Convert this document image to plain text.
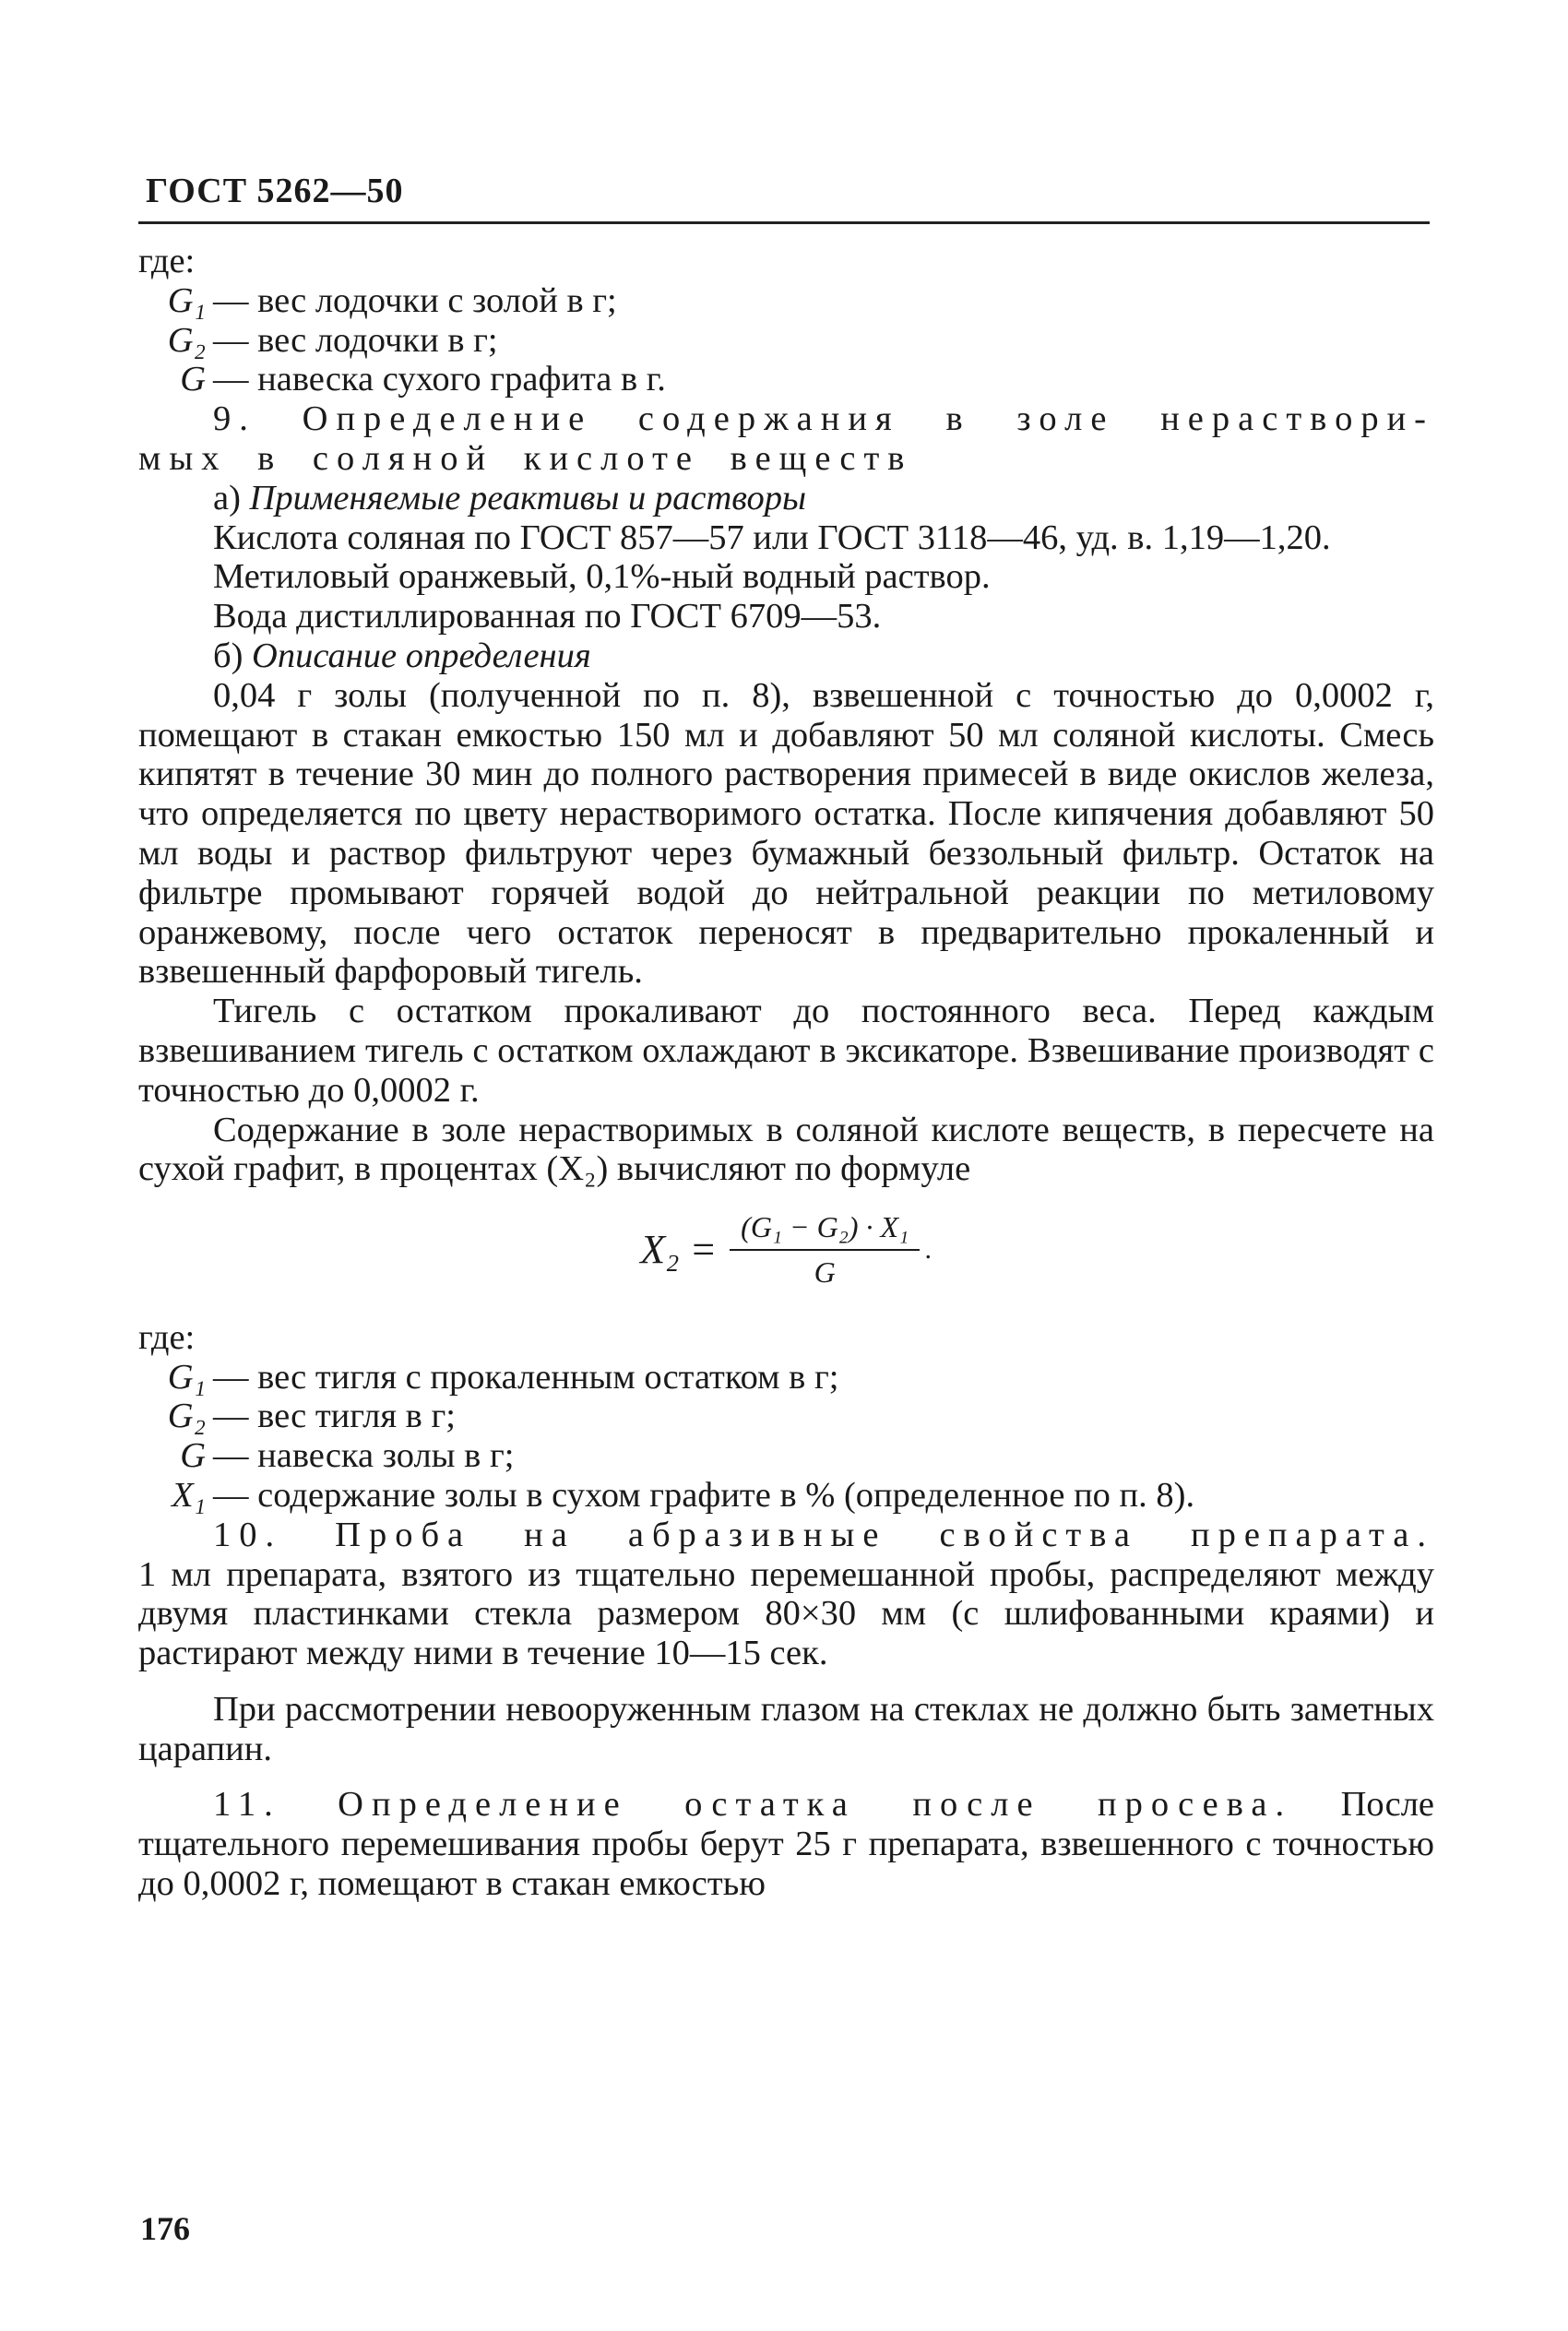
ГОСТ 5262—50

где:

G₁ — вес лодочки с золой в г;
G₂ — вес лодочки в г;
G — навеска сухого графита в г.

9. Определение содержания в золе нераствори-

мых в соляной кислоте веществ

а) Применяемые реактивы и растворы

Кислота соляная по ГОСТ 857—57 или ГОСТ 3118—46, уд. в. 1,19—1,20.

Метиловый оранжевый, 0,1%-ный водный раствор.

Вода дистиллированная по ГОСТ 6709—53.

б) Описание определения

0,04 г золы (полученной по п. 8), взвешенной с точностью до 0,0002 г, помещают в стакан емкостью 150 мл и добавляют 50 мл соляной кислоты. Смесь кипятят в течение 30 мин до полного растворения примесей в виде окислов железа, что определяется по цвету нерастворимого остатка. После кипячения добавляют 50 мл воды и раствор фильтруют через бумажный беззольный фильтр. Остаток на фильтре промывают горячей водой до нейтральной реакции по метиловому оранжевому, после чего остаток переносят в предварительно прокаленный и взвешенный фарфоровый тигель.

Тигель с остатком прокаливают до постоянного веса. Перед каждым взвешиванием тигель с остатком охлаждают в эксикаторе. Взвешивание производят с точностью до 0,0002 г.

Содержание в золе нерастворимых в соляной кислоте веществ, в пересчете на сухой графит, в процентах (X₂) вычисляют по формуле

$X_2 = \frac{\text{(G₁ − G₂) · X₁}}{G}$ .

где:

G₁ — вес тигля с прокаленным остатком в г;
G₂ — вес тигля в г;
G — навеска золы в г;
X₁ — содержание золы в сухом графите в % (определенное по п. 8).

10. Проба на абразивные свойства препарата.

1 мл препарата, взятого из тщательно перемешанной пробы, распределяют между двумя пластинками стекла размером 80×30 мм (с шлифованными краями) и растирают между ними в течение 10—15 сек.

При рассмотрении невооруженным глазом на стеклах не должно быть заметных царапин.

11. Определение остатка после просева. После тщательного перемешивания пробы берут 25 г препарата, взвешенного с точностью до 0,0002 г, помещают в стакан емкостью

176
